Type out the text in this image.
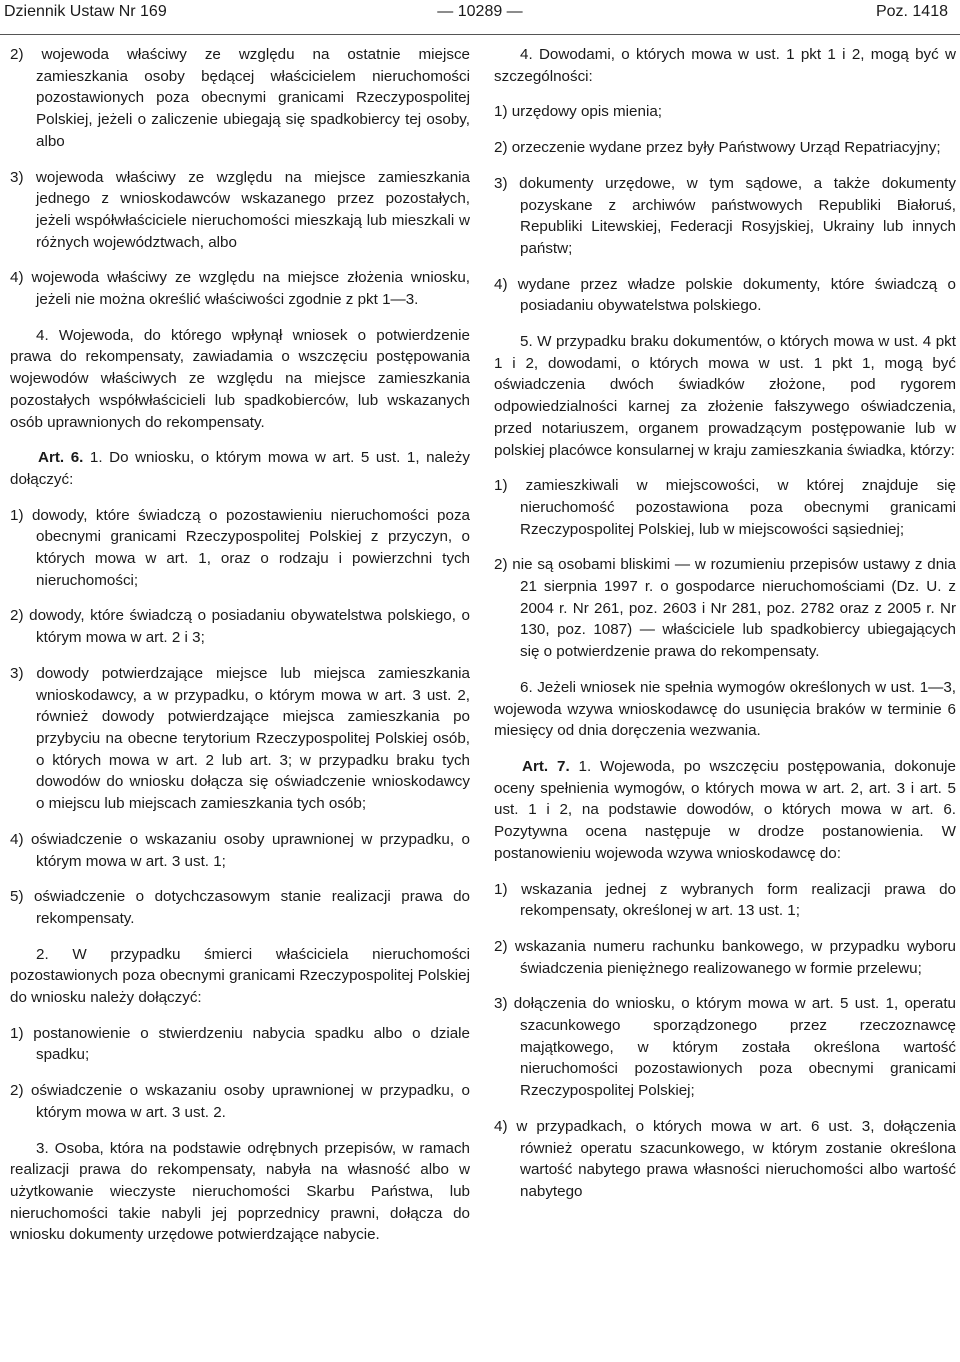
Dziennik Ustaw Nr 169	— 10289 —	Poz. 1418
2) wojewoda właściwy ze względu na ostatnie miejsce zamieszkania osoby będącej właścicielem nieruchomości pozostawionych poza obecnymi granicami Rzeczypospolitej Polskiej, jeżeli o zaliczenie ubiegają się spadkobiercy tej osoby, albo
3) wojewoda właściwy ze względu na miejsce zamieszkania jednego z wnioskodawców wskazanego przez pozostałych, jeżeli współwłaściciele nieruchomości mieszkają lub mieszkali w różnych województwach, albo
4) wojewoda właściwy ze względu na miejsce złożenia wniosku, jeżeli nie można określić właściwości zgodnie z pkt 1—3.
4. Wojewoda, do którego wpłynął wniosek o potwierdzenie prawa do rekompensaty, zawiadamia o wszczęciu postępowania wojewodów właściwych ze względu na miejsce zamieszkania pozostałych współwłaścicieli lub spadkobierców, lub wskazanych osób uprawnionych do rekompensaty.
Art. 6. 1. Do wniosku, o którym mowa w art. 5 ust. 1, należy dołączyć:
1) dowody, które świadczą o pozostawieniu nieruchomości poza obecnymi granicami Rzeczypospolitej Polskiej z przyczyn, o których mowa w art. 1, oraz o rodzaju i powierzchni tych nieruchomości;
2) dowody, które świadczą o posiadaniu obywatelstwa polskiego, o którym mowa w art. 2 i 3;
3) dowody potwierdzające miejsce lub miejsca zamieszkania wnioskodawcy, a w przypadku, o którym mowa w art. 3 ust. 2, również dowody potwierdzające miejsca zamieszkania po przybyciu na obecne terytorium Rzeczypospolitej Polskiej osób, o których mowa w art. 2 lub art. 3; w przypadku braku tych dowodów do wniosku dołącza się oświadczenie wnioskodawcy o miejscu lub miejscach zamieszkania tych osób;
4) oświadczenie o wskazaniu osoby uprawnionej w przypadku, o którym mowa w art. 3 ust. 1;
5) oświadczenie o dotychczasowym stanie realizacji prawa do rekompensaty.
2. W przypadku śmierci właściciela nieruchomości pozostawionych poza obecnymi granicami Rzeczypospolitej Polskiej do wniosku należy dołączyć:
1) postanowienie o stwierdzeniu nabycia spadku albo o dziale spadku;
2) oświadczenie o wskazaniu osoby uprawnionej w przypadku, o którym mowa w art. 3 ust. 2.
3. Osoba, która na podstawie odrębnych przepisów, w ramach realizacji prawa do rekompensaty, nabyła na własność albo w użytkowanie wieczyste nieruchomości Skarbu Państwa, lub nieruchomości takie nabyli jej poprzednicy prawni, dołącza do wniosku dokumenty urzędowe potwierdzające nabycie.
4. Dowodami, o których mowa w ust. 1 pkt 1 i 2, mogą być w szczególności:
1) urzędowy opis mienia;
2) orzeczenie wydane przez były Państwowy Urząd Repatriacyjny;
3) dokumenty urzędowe, w tym sądowe, a także dokumenty pozyskane z archiwów państwowych Republiki Białoruś, Republiki Litewskiej, Federacji Rosyjskiej, Ukrainy lub innych państw;
4) wydane przez władze polskie dokumenty, które świadczą o posiadaniu obywatelstwa polskiego.
5. W przypadku braku dokumentów, o których mowa w ust. 4 pkt 1 i 2, dowodami, o których mowa w ust. 1 pkt 1, mogą być oświadczenia dwóch świadków złożone, pod rygorem odpowiedzialności karnej za złożenie fałszywego oświadczenia, przed notariuszem, organem prowadzącym postępowanie lub w polskiej placówce konsularnej w kraju zamieszkania świadka, którzy:
1) zamieszkiwali w miejscowości, w której znajduje się nieruchomość pozostawiona poza obecnymi granicami Rzeczypospolitej Polskiej, lub w miejscowości sąsiedniej;
2) nie są osobami bliskimi — w rozumieniu przepisów ustawy z dnia 21 sierpnia 1997 r. o gospodarce nieruchomościami (Dz. U. z 2004 r. Nr 261, poz. 2603 i Nr 281, poz. 2782 oraz z 2005 r. Nr 130, poz. 1087) — właściciele lub spadkobiercy ubiegających się o potwierdzenie prawa do rekompensaty.
6. Jeżeli wniosek nie spełnia wymogów określonych w ust. 1—3, wojewoda wzywa wnioskodawcę do usunięcia braków w terminie 6 miesięcy od dnia doręczenia wezwania.
Art. 7. 1. Wojewoda, po wszczęciu postępowania, dokonuje oceny spełnienia wymogów, o których mowa w art. 2, art. 3 i art. 5 ust. 1 i 2, na podstawie dowodów, o których mowa w art. 6. Pozytywna ocena następuje w drodze postanowienia. W postanowieniu wojewoda wzywa wnioskodawcę do:
1) wskazania jednej z wybranych form realizacji prawa do rekompensaty, określonej w art. 13 ust. 1;
2) wskazania numeru rachunku bankowego, w przypadku wyboru świadczenia pieniężnego realizowanego w formie przelewu;
3) dołączenia do wniosku, o którym mowa w art. 5 ust. 1, operatu szacunkowego sporządzonego przez rzeczoznawcę majątkowego, w którym została określona wartość nieruchomości pozostawionych poza obecnymi granicami Rzeczypospolitej Polskiej;
4) w przypadkach, o których mowa w art. 6 ust. 3, dołączenia również operatu szacunkowego, w którym zostanie określona wartość nabytego prawa własności nieruchomości albo wartość nabytego
